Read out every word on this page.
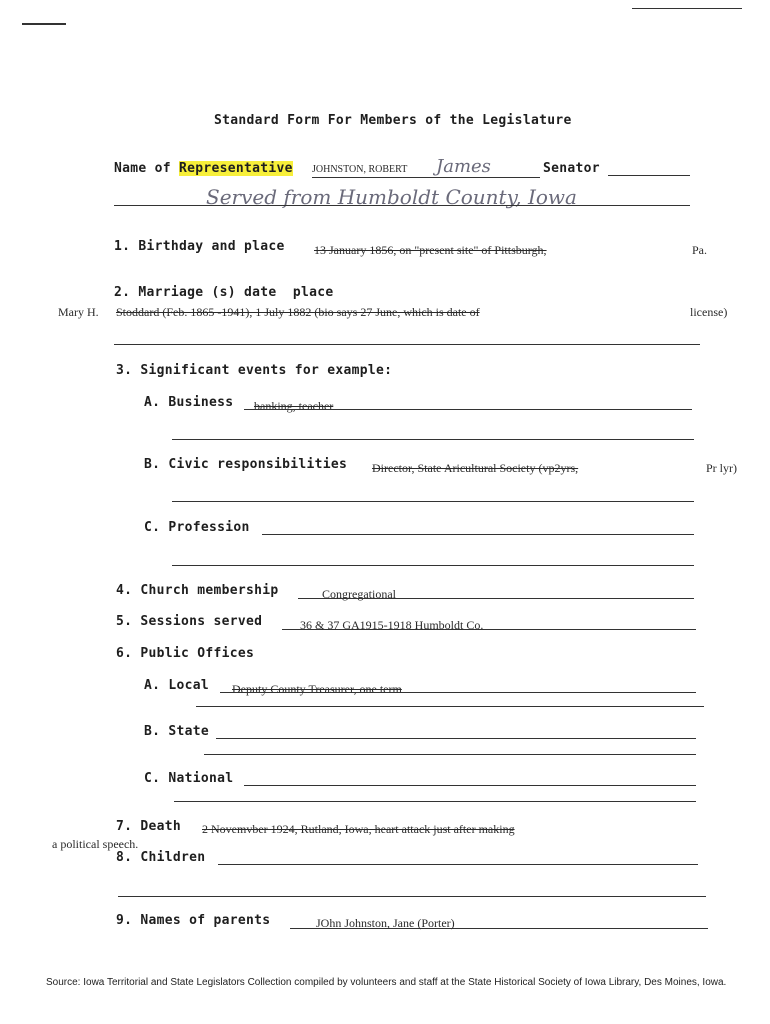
Standard Form For Members of the Legislature
Name of Representative JOHNSTON, ROBERT James	Senator
Served from Humboldt County, Iowa
1. Birthday and place 13 January 1856, on "present site" of Pittsburgh,	Pa.
2. Marriage (s) date place
Mary H. Stoddard (Feb. 1865 -1941), 1 July 1882 (bio says 27 June, which is date of	license)
3. Significant events for example:
A. Business banking, teacher
B. Civic responsibilities Director, State Aricultural Society (vp2yrs,	Pr lyr)
C. Profession
4. Church membership	Congregational
5. Sessions served	36 & 37 GA1915-1918 Humboldt Co.
6. Public Offices
A. Local Deputy County Treasurer, one term
B. State
C. National
7. Death 2 Novemvber 1924, Rutland, Iowa, heart attack just after making
a political speech.
8. Children
9. Names of parents	JOhn Johnston, Jane (Porter)
Source: Iowa Territorial and State Legislators Collection compiled by volunteers and staff at the State Historical Society of Iowa Library, Des Moines, Iowa.
